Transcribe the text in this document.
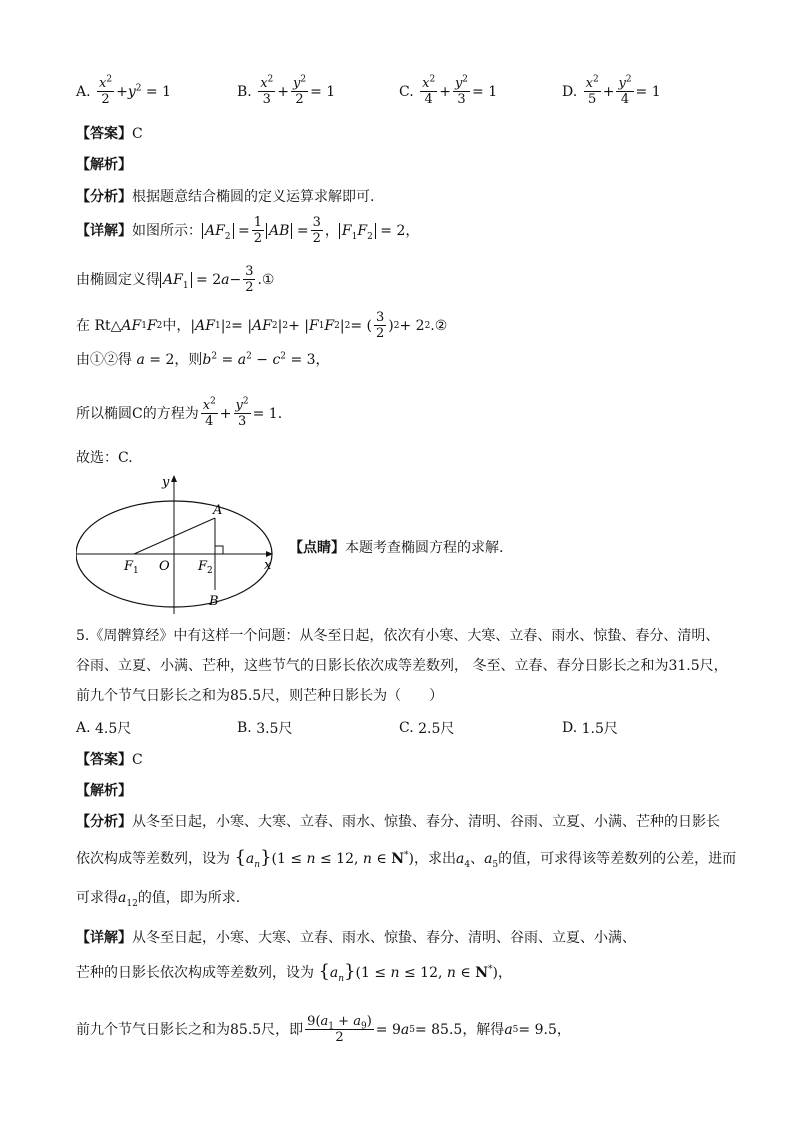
A.
$\frac{x^2}{2} +y^2 = 1$	B.
$\frac{x^2}{3} + \frac{y^2}{2} = 1$	C.
$\frac{x^2}{4} + \frac{y^2}{3} = 1$	D.
$\frac{x^2}{5} + \frac{y^2}{4} = 1$
【答案】C
【解析】
【分析】根据题意结合椭圆的定义运算求解即可.
【详解】 如图所示： $AF_2 = \frac{1}{2}$ AB = $\frac{3}{2}$ ， $F_1F_2 = 2$，
由椭圆定义得 $AF_1 = 2$ $a - \frac{3}{2}$ .①
在 Rt△ AF 1 F 2 中， | AF 1 | 2 = | AF 2 | 2 + | F 1 F 2 | 2 = ( $\frac{3}{2}$ ) 2 + 2 2 .②
由①②得 a = 2，则$b^2 = a^2 - c^2 = 3$，
所以椭圆C的方程为 $\frac{x^2}{4} + \frac{y^2}{3} = 1$.
故选：C.
y
x
A
B
$F_1$ O $F_2$
【点睛】本题考查椭圆方程的求解.
5.《周髀算经》中有这样一个问题：从冬至日起，依次有小寒、大寒、立春、雨水、惊蛰、春分、清明、
谷雨、立夏、小满、芒种，这些节气的日影长依次成等差数列， 冬至、立春、春分日影长之和为31.5尺，
前九个节气日影长之和为85.5尺，则芒种日影长为（　　）
A.
4.5尺	B.
3.5尺	C.
2.5尺	D.
1.5尺
【答案】C
【解析】
【分析】从冬至日起，小寒、大寒、立春、雨水、惊蛰、春分、清明、谷雨、立夏、小满、芒种的日影长
依次构成等差数列，设为 $\{a_n\}(1 \le n \le 12$, n ∈ N*)，求出$a_4$、$a_5$的值，可求得该等差数列的公差，进而
可求得$a_{12}$的值，即为所求.
【详解】从冬至日起，小寒、大寒、立春、雨水、惊蛰、春分、清明、谷雨、立夏、小满、
芒种的日影长依次构成等差数列，设为 $\{a_n\}(1 \le n \le 12$, n ∈ N*)，
前九个节气日影长之和为85.5尺，即 $\frac{9(a_1 + a_9)}{2} = 9$ a 5 = 85.5 ，解得 a 5 = 9.5，
